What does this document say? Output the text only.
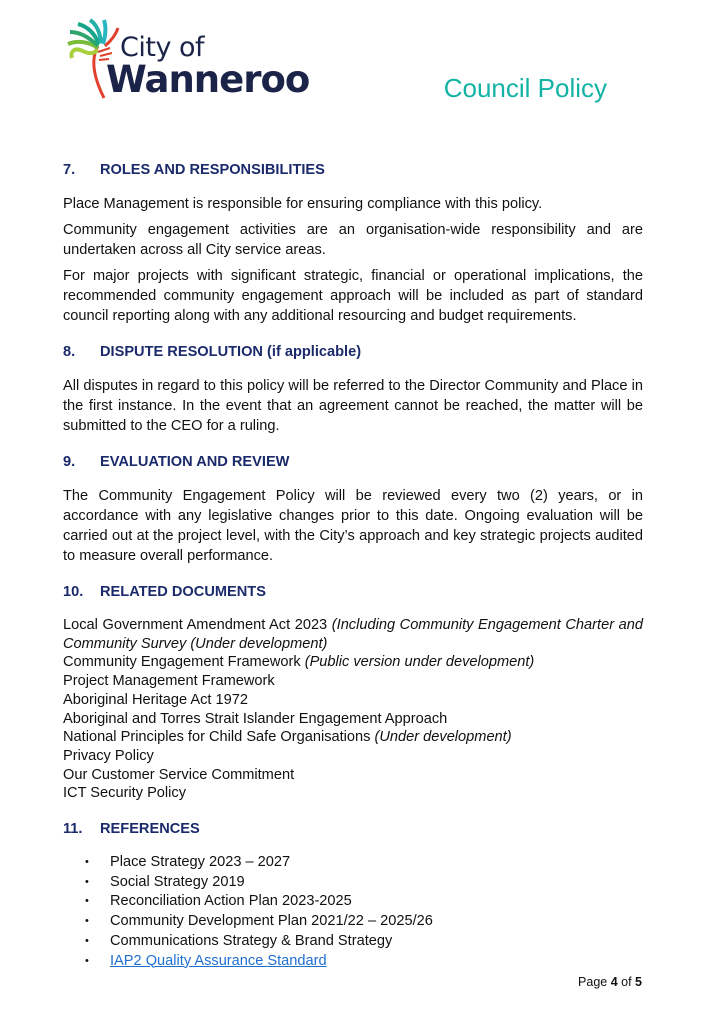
City of
Wanneroo	Council Policy
7.	ROLES AND RESPONSIBILITIES

Place Management is responsible for ensuring compliance with this policy.

Community engagement activities are an organisation-wide responsibility and are undertaken across all City service areas.

For major projects with significant strategic, financial or operational implications, the recommended community engagement approach will be included as part of standard council reporting along with any additional resourcing and budget requirements.

8.	DISPUTE RESOLUTION (if applicable)

All disputes in regard to this policy will be referred to the Director Community and Place in the first instance. In the event that an agreement cannot be reached, the matter will be submitted to the CEO for a ruling.

9.	EVALUATION AND REVIEW

The Community Engagement Policy will be reviewed every two (2) years, or in accordance with any legislative changes prior to this date. Ongoing evaluation will be carried out at the project level, with the City’s approach and key strategic projects audited to measure overall performance.

10.	RELATED DOCUMENTS
Local Government Amendment Act 2023 (Including Community Engagement Charter and Community Survey (Under development)
Community Engagement Framework (Public version under development)
Project Management Framework
Aboriginal Heritage Act 1972
Aboriginal and Torres Strait Islander Engagement Approach
National Principles for Child Safe Organisations (Under development)
Privacy Policy
Our Customer Service Commitment
ICT Security Policy
11.	REFERENCES
•	Place Strategy 2023 – 2027
•	Social Strategy 2019
•	Reconciliation Action Plan 2023-2025
•	Community Development Plan 2021/22 – 2025/26
•	Communications Strategy & Brand Strategy
•	IAP2 Quality Assurance Standard
Page 4 of 5
